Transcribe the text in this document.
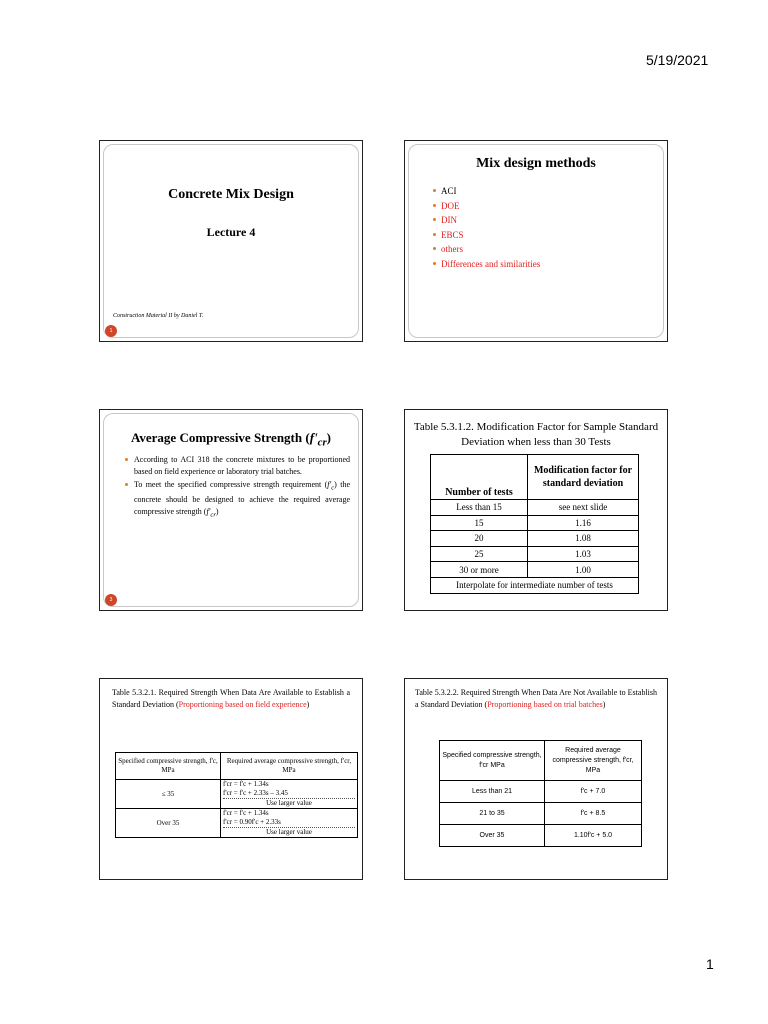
5/19/2021
Concrete Mix Design
Lecture 4
Construction Material II by Daniel T.
1
Mix design methods
ACI
DOE
DIN
EBCS
others
Differences and similarities
Average Compressive Strength $(f'_{cr})$
According to ACI 318 the concrete mixtures to be proportioned based on field experience or laboratory trial batches.
To meet the specified compressive strength requirement $(f'_c)$ the concrete should be designed to achieve the required average compressive strength $(f'_{cr})$
3
Table 5.3.1.2. Modification Factor for Sample Standard Deviation when less than 30 Tests
Number of tests	Modification factor for standard deviation
Less than 15	see next slide
15	1.16
20	1.08
25	1.03
30 or more	1.00
Interpolate for intermediate number of tests	
Table 5.3.2.1. Required Strength When Data Are Available to Establish a Standard Deviation (Proportioning based on field experience)
Specified compressive strength, f'c, MPa	Required average compressive strength, f'cr, MPa
≤ 35	f'cr = f'c + 1.34s
f'cr = f'c + 2.33s – 3.45
Use larger value

Over 35	f'cr = f'c + 1.34s
f'cr = 0.90f'c + 2.33s
Use larger value
Table 5.3.2.2. Required Strength When Data Are Not Available to Establish a Standard Deviation (Proportioning based on trial batches)
Specified compressive strength, f'cr MPa	Required average compressive strength, f'cr, MPa
Less than 21	f'c + 7.0
21 to 35	f'c + 8.5
Over 35	1.10f'c + 5.0
1
